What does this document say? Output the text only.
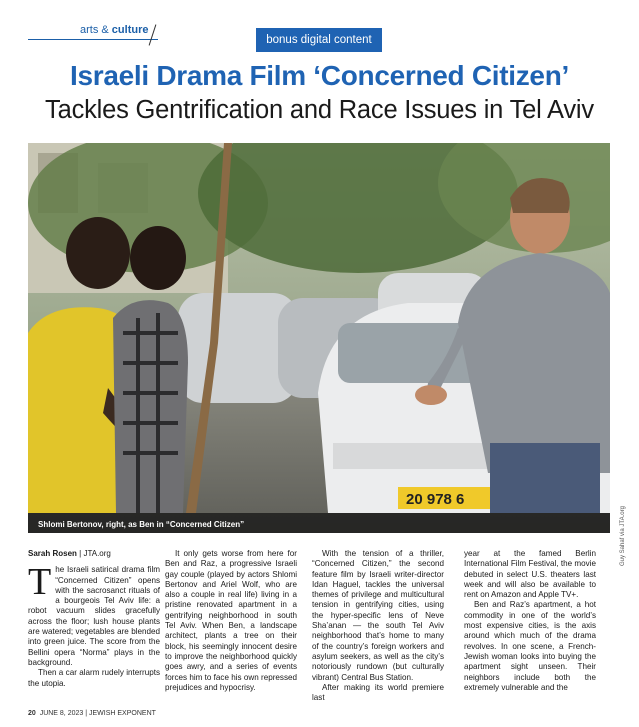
arts & culture
bonus digital content
Israeli Drama Film ‘Concerned Citizen’
Tackles Gentrification and Race Issues in Tel Aviv
20 978 6
Shlomi Bertonov, right, as Ben in “Concerned Citizen”	Guy Sahaf via JTA.org
Sarah Rosen | JTA.org

The Israeli satirical drama film “Concerned Citizen” opens with the sacrosanct rituals of a bourgeois Tel Aviv life: a robot vacuum slides gracefully across the floor; lush house plants are watered; vegetables are blended into green juice. The score from the Bellini opera “Norma” plays in the background.

Then a car alarm rudely interrupts the utopia.

It only gets worse from here for Ben and Raz, a progressive Israeli gay couple (played by actors Shlomi Bertonov and Ariel Wolf, who are also a couple in real life) living in a pristine renovated apartment in a gentrifying neighborhood in south Tel Aviv. When Ben, a landscape architect, plants a tree on their block, his seemingly innocent desire to improve the neighborhood quickly goes awry, and a series of events forces him to face his own repressed prejudices and hypocrisy.

With the tension of a thriller, “Concerned Citizen,” the second feature film by Israeli writer-director Idan Haguel, tackles the universal themes of privilege and multicultural tension in gentrifying cities, using the hyper-specific lens of Neve Sha’anan — the south Tel Aviv neighborhood that’s home to many of the country’s foreign workers and asylum seekers, as well as the city’s notoriously rundown (but culturally vibrant) Central Bus Station.

After making its world premiere last

year at the famed Berlin International Film Festival, the movie debuted in select U.S. theaters last week and will also be available to rent on Amazon and Apple TV+.

Ben and Raz’s apartment, a hot commodity in one of the world’s most expensive cities, is the axis around which much of the drama revolves. In one scene, a French-Jewish woman looks into buying the apartment sight unseen. Their neighbors include both the extremely vulnerable and the

20 JUNE 8, 2023 | JEWISH EXPONENT
